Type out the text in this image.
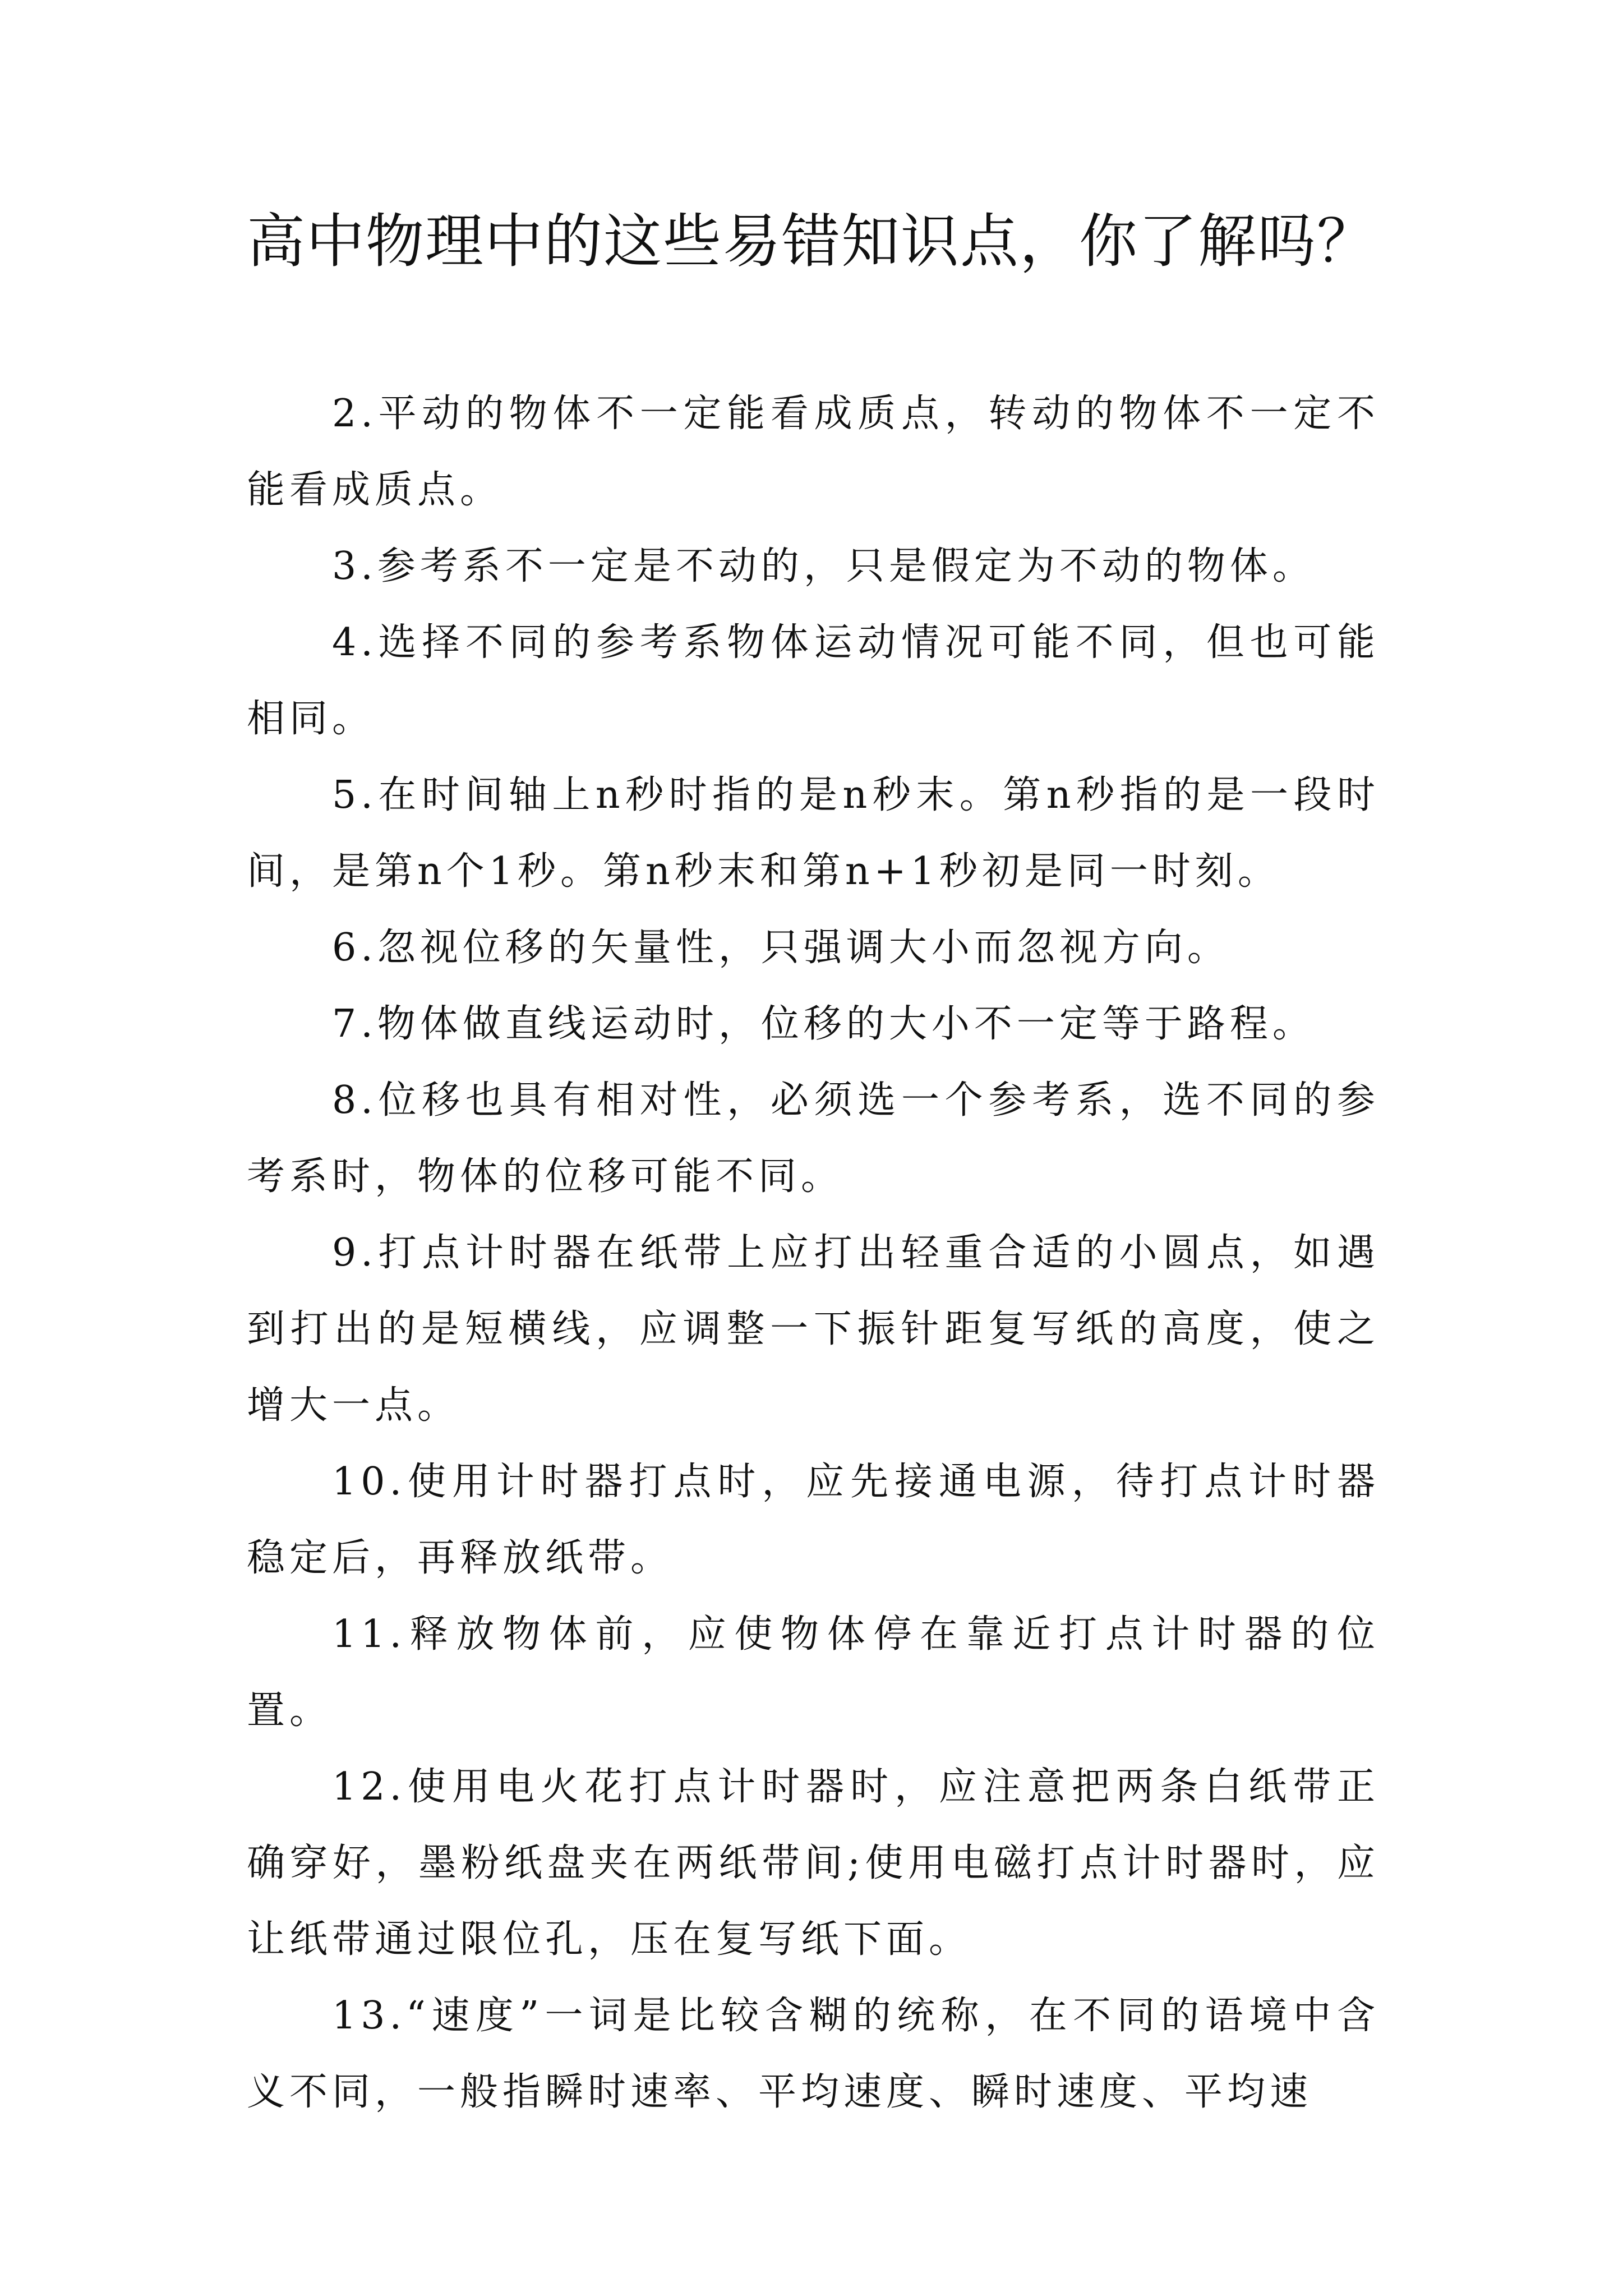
高中物理中的这些易错知识点，你了解吗？

2.平动的物体不一定能看成质点，转动的物体不一定不能看成质点。

3.参考系不一定是不动的，只是假定为不动的物体。

4.选择不同的参考系物体运动情况可能不同，但也可能相同。

5.在时间轴上n秒时指的是n秒末。第n秒指的是一段时间，是第n个1秒。第n秒末和第n+1秒初是同一时刻。

6.忽视位移的矢量性，只强调大小而忽视方向。

7.物体做直线运动时，位移的大小不一定等于路程。

8.位移也具有相对性，必须选一个参考系，选不同的参考系时，物体的位移可能不同。

9.打点计时器在纸带上应打出轻重合适的小圆点，如遇到打出的是短横线，应调整一下振针距复写纸的高度，使之增大一点。

10.使用计时器打点时，应先接通电源，待打点计时器稳定后，再释放纸带。

11.释放物体前，应使物体停在靠近打点计时器的位置。

12.使用电火花打点计时器时，应注意把两条白纸带正确穿好，墨粉纸盘夹在两纸带间;使用电磁打点计时器时，应让纸带通过限位孔，压在复写纸下面。

13.“速度”一词是比较含糊的统称，在不同的语境中含义不同，一般指瞬时速率、平均速度、瞬时速度、平均速
